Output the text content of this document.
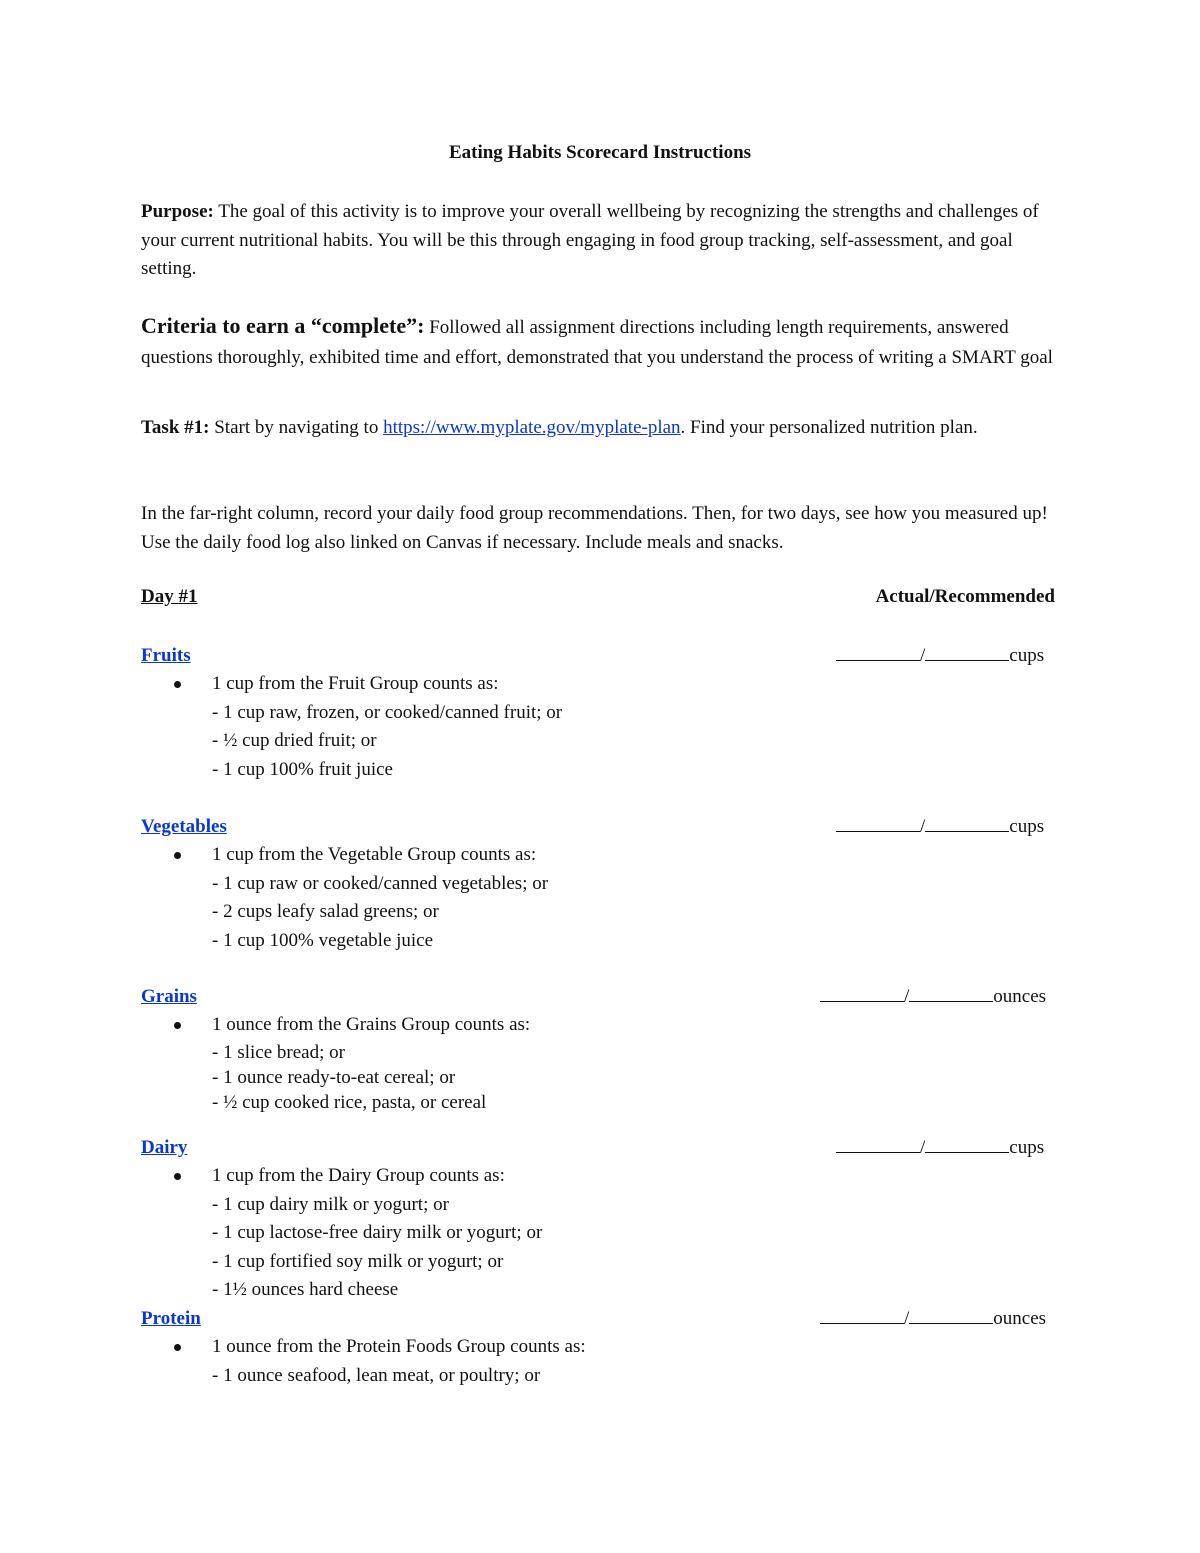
Eating Habits Scorecard Instructions
Purpose: The goal of this activity is to improve your overall wellbeing by recognizing the strengths and challenges of your current nutritional habits. You will be this through engaging in food group tracking, self-assessment, and goal setting.
Criteria to earn a “complete”: Followed all assignment directions including length requirements, answered questions thoroughly, exhibited time and effort, demonstrated that you understand the process of writing a SMART goal
Task #1: Start by navigating to https://www.myplate.gov/myplate-plan. Find your personalized nutrition plan.
In the far-right column, record your daily food group recommendations. Then, for two days, see how you measured up! Use the daily food log also linked on Canvas if necessary. Include meals and snacks.
Day #1	Actual/Recommended
Fruits	/	cups
1 cup from the Fruit Group counts as:
- 1 cup raw, frozen, or cooked/canned fruit; or
- ½ cup dried fruit; or
- 1 cup 100% fruit juice
Vegetables	/	cups
1 cup from the Vegetable Group counts as:
- 1 cup raw or cooked/canned vegetables; or
- 2 cups leafy salad greens; or
- 1 cup 100% vegetable juice
Grains	/	ounces
1 ounce from the Grains Group counts as:
- 1 slice bread; or
- 1 ounce ready-to-eat cereal; or
- ½ cup cooked rice, pasta, or cereal
Dairy	/	cups
1 cup from the Dairy Group counts as:
- 1 cup dairy milk or yogurt; or
- 1 cup lactose-free dairy milk or yogurt; or
- 1 cup fortified soy milk or yogurt; or
- 1½ ounces hard cheese
Protein	/	ounces
1 ounce from the Protein Foods Group counts as:
- 1 ounce seafood, lean meat, or poultry; or
